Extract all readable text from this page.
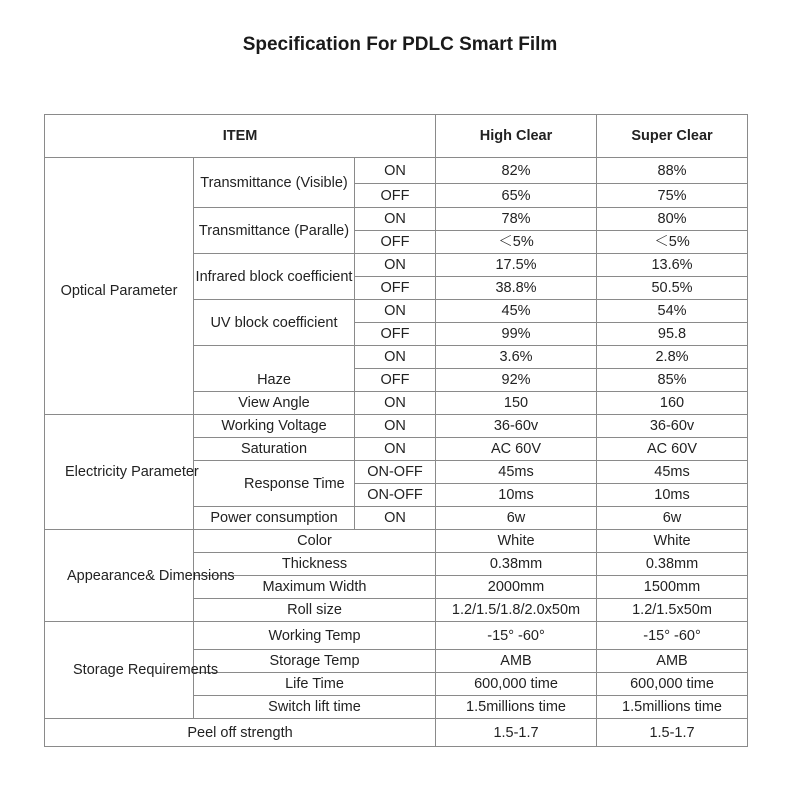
Specification For PDLC Smart Film
ITEM			High Clear	Super Clear

Optical Parameter	Transmittance (Visible)	ON	82%	88%
		OFF	65%	75%
	Transmittance (Paralle)	ON	78%	80%
		OFF	＜5%	＜5%
	Infrared block coefficient	ON	17.5%	13.6%
		OFF	38.8%	50.5%
	UV block coefficient	ON	45%	54%
		OFF	99%	95.8
	Haze	ON	3.6%	2.8%
		OFF	92%	85%
	View Angle	ON	150	160

Electricity Parameter	Working Voltage	ON	36-60v	36-60v
	Saturation	ON	AC 60V	AC 60V
	Response Time	ON-OFF	45ms	45ms
		ON-OFF	10ms	10ms
	Power consumption	ON	6w	6w

Appearance& Dimensions	Color		White	White
	Thickness		0.38mm	0.38mm
	Maximum Width		2000mm	1500mm
	Roll size		1.2/1.5/1.8/2.0x50m	1.2/1.5x50m

Storage Requirements	Working Temp		-15° -60°	-15° -60°
	Storage Temp		AMB	AMB
	Life Time		600,000 time	600,000 time
	Switch lift time		1.5millions time	1.5millions time
Peel off strength			1.5-1.7	1.5-1.7
